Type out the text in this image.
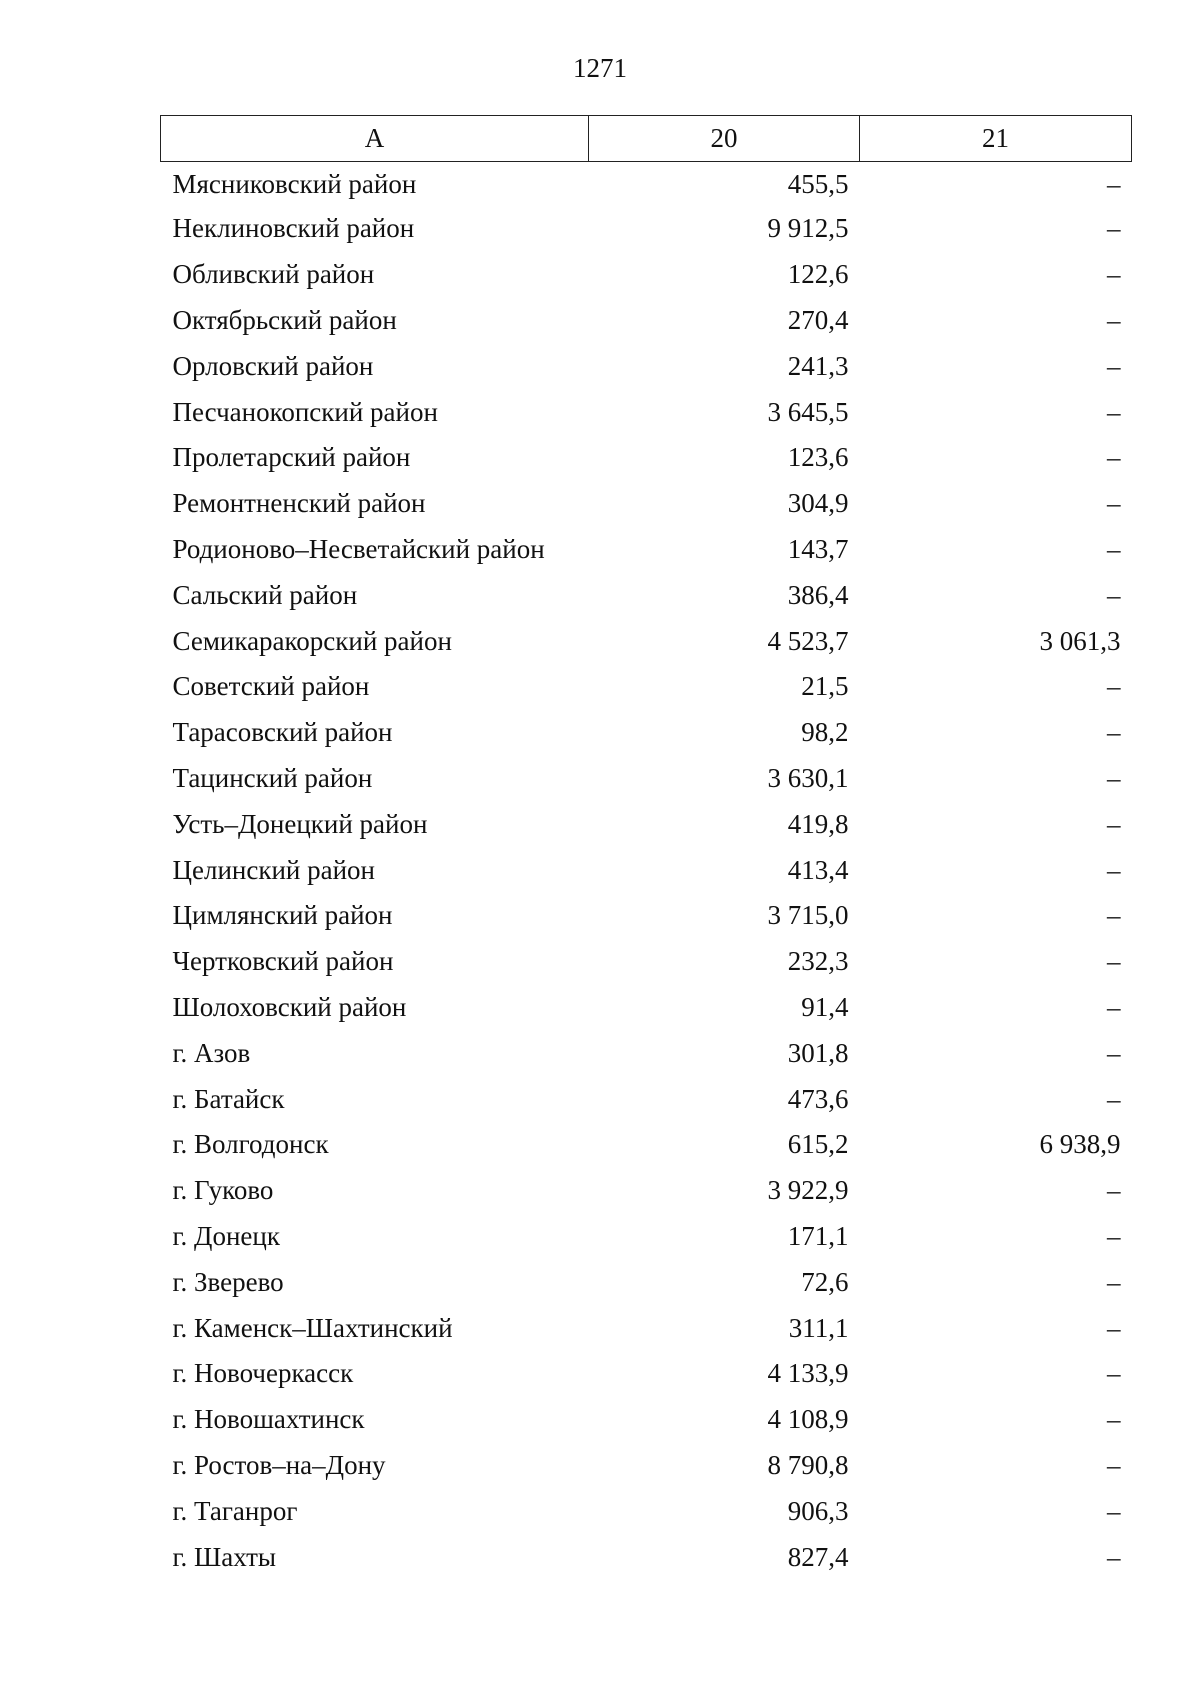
1271
А	20	21
Мясниковский район	455,5	–
Неклиновский район	9 912,5	–
Обливский район	122,6	–
Октябрьский район	270,4	–
Орловский район	241,3	–
Песчанокопский район	3 645,5	–
Пролетарский район	123,6	–
Ремонтненский район	304,9	–
Родионово–Несветайский район	143,7	–
Сальский район	386,4	–
Семикаракорский район	4 523,7	3 061,3
Советский район	21,5	–
Тарасовский район	98,2	–
Тацинский район	3 630,1	–
Усть–Донецкий район	419,8	–
Целинский район	413,4	–
Цимлянский район	3 715,0	–
Чертковский район	232,3	–
Шолоховский район	91,4	–
г. Азов	301,8	–
г. Батайск	473,6	–
г. Волгодонск	615,2	6 938,9
г. Гуково	3 922,9	–
г. Донецк	171,1	–
г. Зверево	72,6	–
г. Каменск–Шахтинский	311,1	–
г. Новочеркасск	4 133,9	–
г. Новошахтинск	4 108,9	–
г. Ростов–на–Дону	8 790,8	–
г. Таганрог	906,3	–
г. Шахты	827,4	–
